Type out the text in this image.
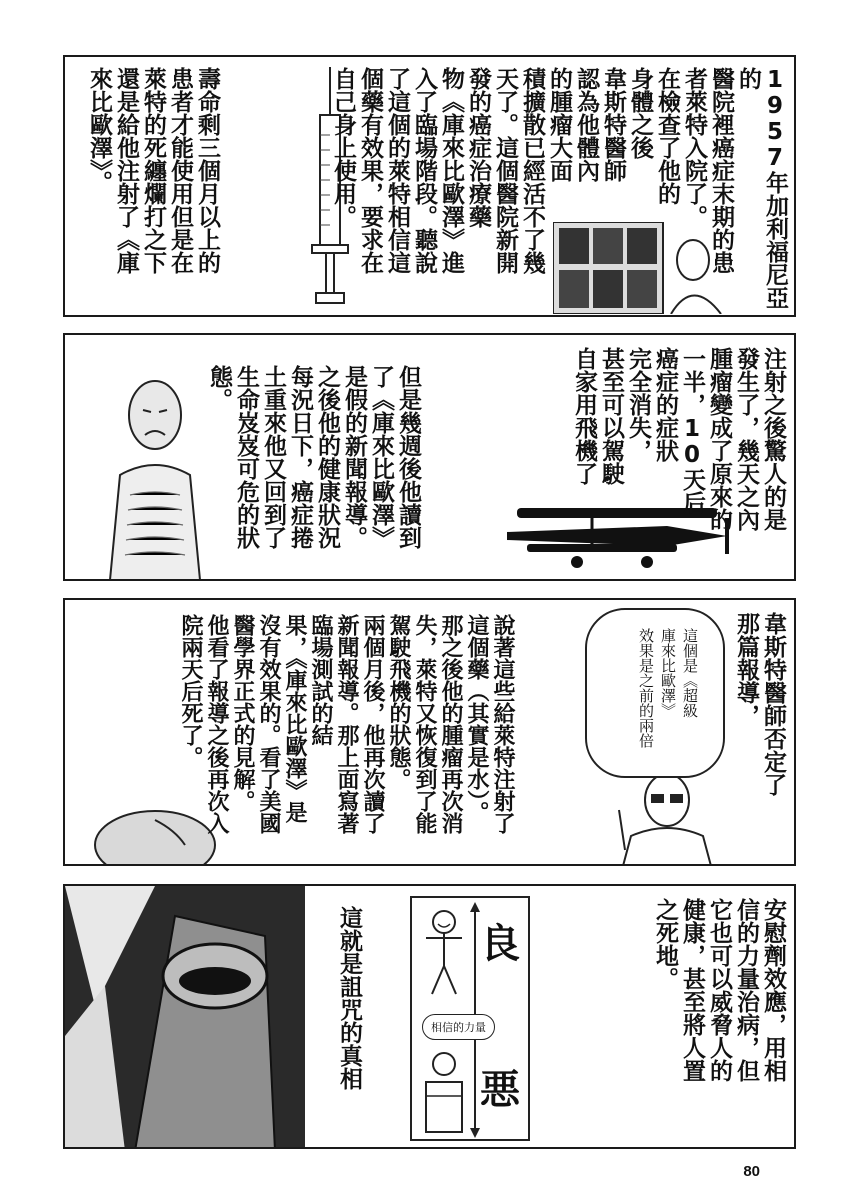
1957年加利福尼亞的
醫院裡癌症末期的患
者萊特入院了。
在檢查了他的
身體之後
韋斯特醫師
認為他體內
的腫瘤大面
積擴散已經活不了幾
天了。這個醫院新開
發的癌症治療藥
物《庫來比歐澤》進
入了臨場階段。聽說
了這個的萊特相信這
個藥有效果，要求在
自己身上使用。
壽命剩三個月以上的
患者才能使用但是在
萊特的死纏爛打之下
還是給他注射了《庫
來比歐澤》。
注射之後驚人的是
發生了，幾天之內
腫瘤變成了原來的
一半，10天后
癌症的症狀
完全消失，
甚至可以駕駛
自家用飛機了
但是幾週後他讀到
了《庫來比歐澤》
是假的新聞報導。
之後他的健康狀況
每況日下，癌症捲
土重來他又回到了
生命岌岌可危的狀
態。
韋斯特醫師否定了
那篇報導，
這個是《超級
庫來比歐澤》
效果是之前的兩倍
說著這些給萊特注射了
這個藥（其實是水）。
那之後他的腫瘤再次消
失，萊特又恢復到了能
駕駛飛機的狀態。
兩個月後，他再次讀了
新聞報導。那上面寫著
臨場測試的結
果，《庫來比歐澤》是
沒有效果的。看了美國
醫學界正式的見解。
他看了報導之後再次入
院兩天后死了。
良
悪
相信的力量	安慰劑效應，用相
信的力量治病，但
它也可以威脅人的
健康，甚至將人置
之死地。
這就是詛咒的真相
80
